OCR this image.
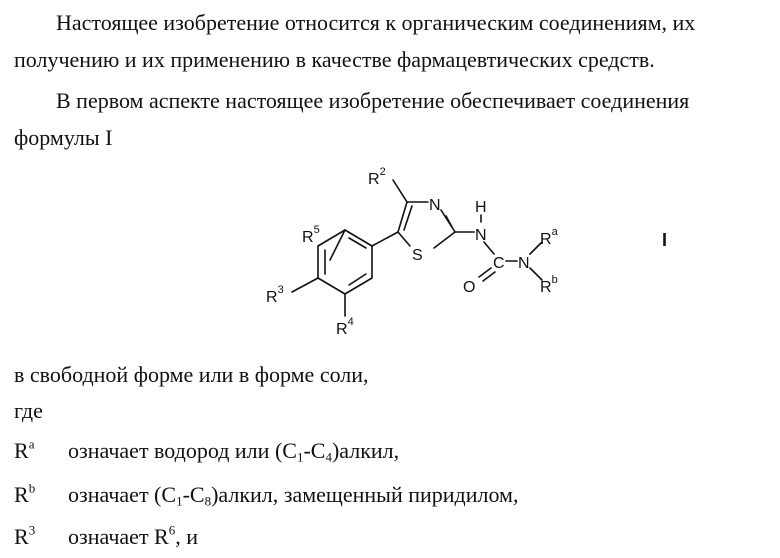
Настоящее изобретение относится к органическим соединениям, их
получению и их применению в качестве фармацевтических средств.
В первом аспекте настоящее изобретение обеспечивает соединения
формулы I
$R^2$
N
S
H
N
C
O
N
$R^a$
$R^b$
$R^5$
$R^3$
$R^4$
I
в свободной форме или в форме соли,
где
$R^a$ означает водород или $(C_1-C_4)алкил$,
$R^b$ означает $(C_1-C_8)алкил$, замещенный пиридилом,
$R^3$ означает $R^6$, и
